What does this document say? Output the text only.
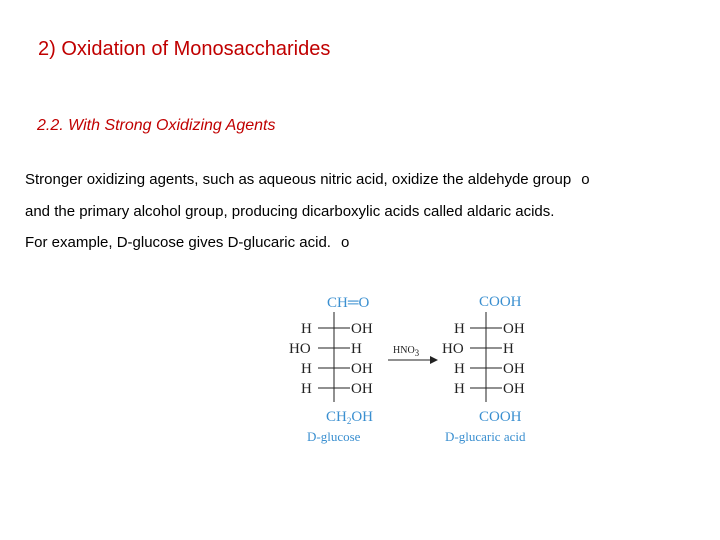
2) Oxidation of Monosaccharides
2.2. With Strong Oxidizing Agents
Stronger oxidizing agents, such as aqueous nitric acid, oxidize the aldehyde group o
and the primary alcohol group, producing dicarboxylic acids called aldaric acids.
For example, D-glucose gives D-glucaric acid. o
CH═O
H	OH
HO	H
H	OH
H	OH
$CH_2OH$
D-glucose
HNO3
COOH
H	OH
HO	H
H	OH
H	OH
COOH
D-glucaric acid
